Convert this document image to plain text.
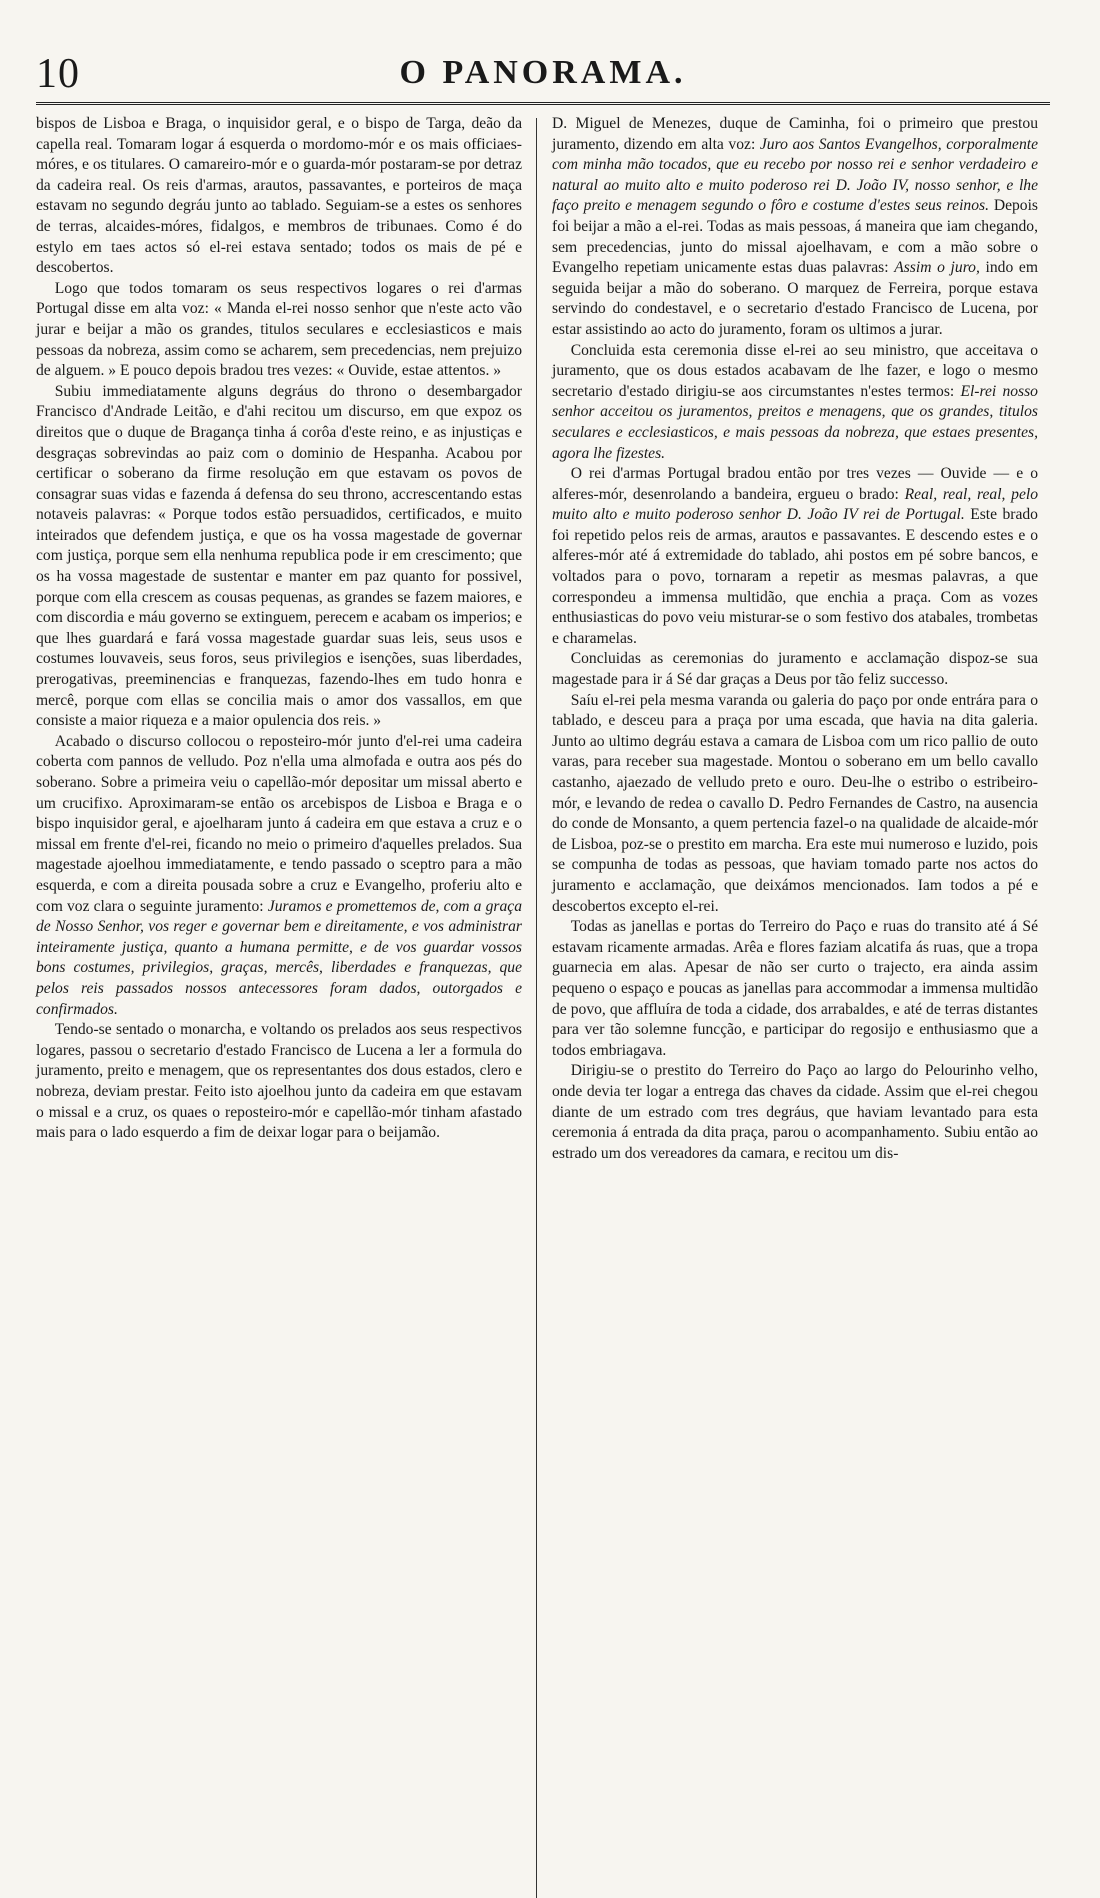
10	O PANORAMA.

bispos de Lisboa e Braga, o inquisidor geral, e o bispo de Targa, deão da capella real. Tomaram logar á esquerda o mordomo-mór e os mais officiaes-móres, e os titulares. O camareiro-mór e o guarda-mór postaram-se por detraz da cadeira real. Os reis d'armas, arautos, passavantes, e porteiros de maça estavam no segundo degráu junto ao tablado. Seguiam-se a estes os senhores de terras, alcaides-móres, fidalgos, e membros de tribunaes. Como é do estylo em taes actos só el-rei estava sentado; todos os mais de pé e descobertos.

Logo que todos tomaram os seus respectivos logares o rei d'armas Portugal disse em alta voz: « Manda el-rei nosso senhor que n'este acto vão jurar e beijar a mão os grandes, titulos seculares e ecclesiasticos e mais pessoas da nobreza, assim como se acharem, sem precedencias, nem prejuizo de alguem. » E pouco depois bradou tres vezes: « Ouvide, estae attentos. »

Subiu immediatamente alguns degráus do throno o desembargador Francisco d'Andrade Leitão, e d'ahi recitou um discurso, em que expoz os direitos que o duque de Bragança tinha á corôa d'este reino, e as injustiças e desgraças sobrevindas ao paiz com o dominio de Hespanha. Acabou por certificar o soberano da firme resolução em que estavam os povos de consagrar suas vidas e fazenda á defensa do seu throno, accrescentando estas notaveis palavras: « Porque todos estão persuadidos, certificados, e muito inteirados que defendem justiça, e que os ha vossa magestade de governar com justiça, porque sem ella nenhuma republica pode ir em crescimento; que os ha vossa magestade de sustentar e manter em paz quanto for possivel, porque com ella crescem as cousas pequenas, as grandes se fazem maiores, e com discordia e máu governo se extinguem, perecem e acabam os imperios; e que lhes guardará e fará vossa magestade guardar suas leis, seus usos e costumes louvaveis, seus foros, seus privilegios e isenções, suas liberdades, prerogativas, preeminencias e franquezas, fazendo-lhes em tudo honra e mercê, porque com ellas se concilia mais o amor dos vassallos, em que consiste a maior riqueza e a maior opulencia dos reis. »

Acabado o discurso collocou o reposteiro-mór junto d'el-rei uma cadeira coberta com pannos de velludo. Poz n'ella uma almofada e outra aos pés do soberano. Sobre a primeira veiu o capellão-mór depositar um missal aberto e um crucifixo. Aproximaram-se então os arcebispos de Lisboa e Braga e o bispo inquisidor geral, e ajoelharam junto á cadeira em que estava a cruz e o missal em frente d'el-rei, ficando no meio o primeiro d'aquelles prelados. Sua magestade ajoelhou immediatamente, e tendo passado o sceptro para a mão esquerda, e com a direita pousada sobre a cruz e Evangelho, proferiu alto e com voz clara o seguinte juramento: Juramos e promettemos de, com a graça de Nosso Senhor, vos reger e governar bem e direitamente, e vos administrar inteiramente justiça, quanto a humana permitte, e de vos guardar vossos bons costumes, privilegios, graças, mercês, liberdades e franquezas, que pelos reis passados nossos antecessores foram dados, outorgados e confirmados.

Tendo-se sentado o monarcha, e voltando os prelados aos seus respectivos logares, passou o secretario d'estado Francisco de Lucena a ler a formula do juramento, preito e menagem, que os representantes dos dous estados, clero e nobreza, deviam prestar. Feito isto ajoelhou junto da cadeira em que estavam o missal e a cruz, os quaes o reposteiro-mór e capellão-mór tinham afastado mais para o lado esquerdo a fim de deixar logar para o beijamão.

D. Miguel de Menezes, duque de Caminha, foi o primeiro que prestou juramento, dizendo em alta voz: Juro aos Santos Evangelhos, corporalmente com minha mão tocados, que eu recebo por nosso rei e senhor verdadeiro e natural ao muito alto e muito poderoso rei D. João IV, nosso senhor, e lhe faço preito e menagem segundo o fôro e costume d'estes seus reinos. Depois foi beijar a mão a el-rei. Todas as mais pessoas, á maneira que iam chegando, sem precedencias, junto do missal ajoelhavam, e com a mão sobre o Evangelho repetiam unicamente estas duas palavras: Assim o juro, indo em seguida beijar a mão do soberano. O marquez de Ferreira, porque estava servindo do condestavel, e o secretario d'estado Francisco de Lucena, por estar assistindo ao acto do juramento, foram os ultimos a jurar.

Concluida esta ceremonia disse el-rei ao seu ministro, que acceitava o juramento, que os dous estados acabavam de lhe fazer, e logo o mesmo secretario d'estado dirigiu-se aos circumstantes n'estes termos: El-rei nosso senhor acceitou os juramentos, preitos e menagens, que os grandes, titulos seculares e ecclesiasticos, e mais pessoas da nobreza, que estaes presentes, agora lhe fizestes.

O rei d'armas Portugal bradou então por tres vezes — Ouvide — e o alferes-mór, desenrolando a bandeira, ergueu o brado: Real, real, real, pelo muito alto e muito poderoso senhor D. João IV rei de Portugal. Este brado foi repetido pelos reis de armas, arautos e passavantes. E descendo estes e o alferes-mór até á extremidade do tablado, ahi postos em pé sobre bancos, e voltados para o povo, tornaram a repetir as mesmas palavras, a que correspondeu a immensa multidão, que enchia a praça. Com as vozes enthusiasticas do povo veiu misturar-se o som festivo dos atabales, trombetas e charamelas.

Concluidas as ceremonias do juramento e acclamação dispoz-se sua magestade para ir á Sé dar graças a Deus por tão feliz successo.

Saíu el-rei pela mesma varanda ou galeria do paço por onde entrára para o tablado, e desceu para a praça por uma escada, que havia na dita galeria. Junto ao ultimo degráu estava a camara de Lisboa com um rico pallio de outo varas, para receber sua magestade. Montou o soberano em um bello cavallo castanho, ajaezado de velludo preto e ouro. Deu-lhe o estribo o estribeiro-mór, e levando de redea o cavallo D. Pedro Fernandes de Castro, na ausencia do conde de Monsanto, a quem pertencia fazel-o na qualidade de alcaide-mór de Lisboa, poz-se o prestito em marcha. Era este mui numeroso e luzido, pois se compunha de todas as pessoas, que haviam tomado parte nos actos do juramento e acclamação, que deixámos mencionados. Iam todos a pé e descobertos excepto el-rei.

Todas as janellas e portas do Terreiro do Paço e ruas do transito até á Sé estavam ricamente armadas. Arêa e flores faziam alcatifa ás ruas, que a tropa guarnecia em alas. Apesar de não ser curto o trajecto, era ainda assim pequeno o espaço e poucas as janellas para accommodar a immensa multidão de povo, que affluíra de toda a cidade, dos arrabaldes, e até de terras distantes para ver tão solemne funcção, e participar do regosijo e enthusiasmo que a todos embriagava.

Dirigiu-se o prestito do Terreiro do Paço ao largo do Pelourinho velho, onde devia ter logar a entrega das chaves da cidade. Assim que el-rei chegou diante de um estrado com tres degráus, que haviam levantado para esta ceremonia á entrada da dita praça, parou o acompanhamento. Subiu então ao estrado um dos vereadores da camara, e recitou um dis-
